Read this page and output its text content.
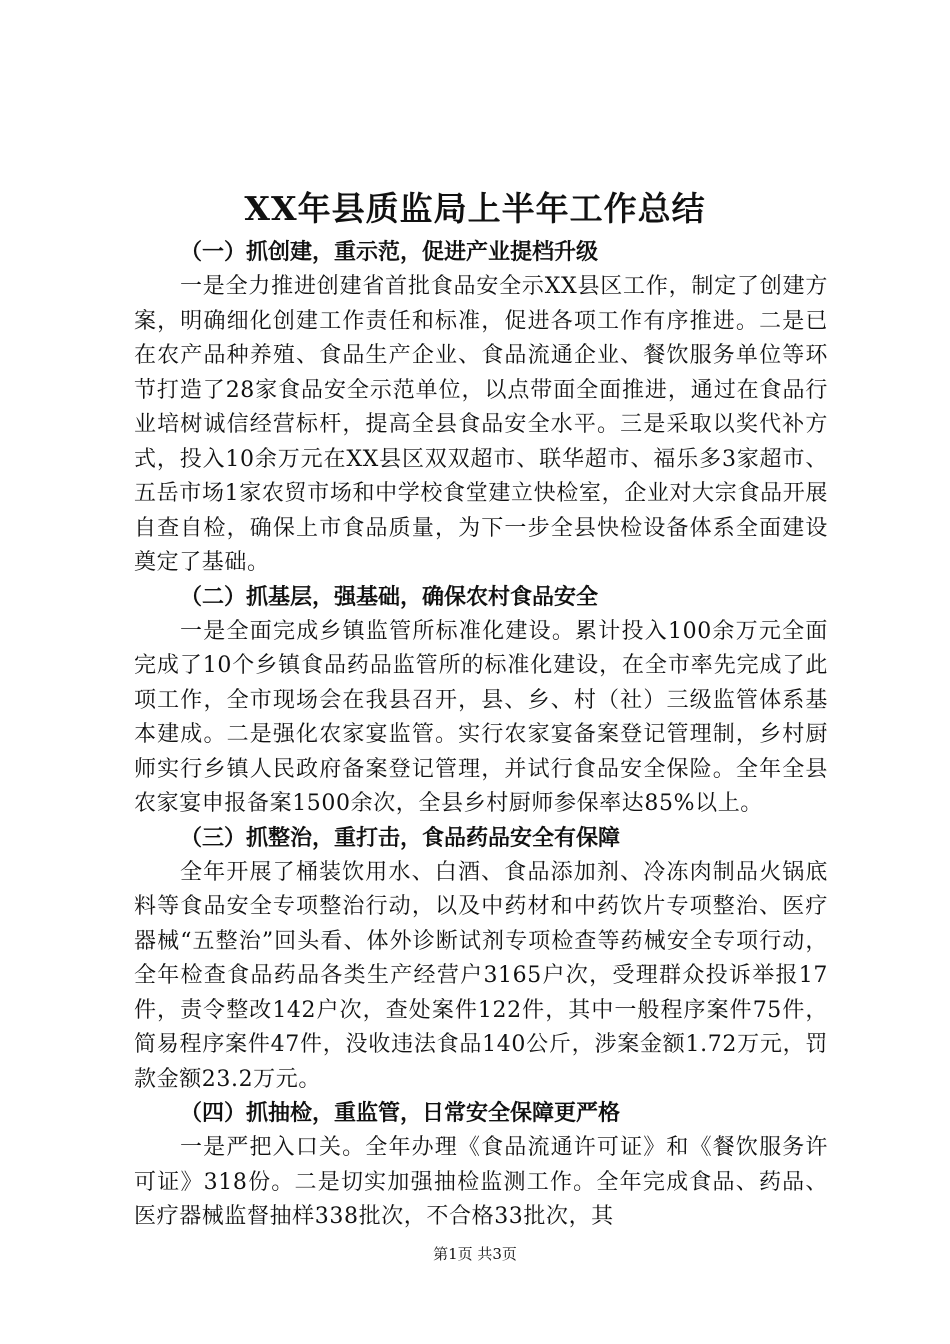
XX年县质监局上半年工作总结
（一）抓创建，重示范，促进产业提档升级

一是全力推进创建省首批食品安全示XX县区工作，制定了创建方案，明确细化创建工作责任和标准，促进各项工作有序推进。二是已在农产品种养殖、食品生产企业、食品流通企业、餐饮服务单位等环节打造了28家食品安全示范单位，以点带面全面推进，通过在食品行业培树诚信经营标杆，提高全县食品安全水平。三是采取以奖代补方式，投入10余万元在XX县区双双超市、联华超市、福乐多3家超市、五岳市场1家农贸市场和中学校食堂建立快检室，企业对大宗食品开展自查自检，确保上市食品质量，为下一步全县快检设备体系全面建设奠定了基础。

（二）抓基层，强基础，确保农村食品安全

一是全面完成乡镇监管所标准化建设。累计投入100余万元全面完成了10个乡镇食品药品监管所的标准化建设，在全市率先完成了此项工作，全市现场会在我县召开，县、乡、村（社）三级监管体系基本建成。二是强化农家宴监管。实行农家宴备案登记管理制，乡村厨师实行乡镇人民政府备案登记管理，并试行食品安全保险。全年全县农家宴申报备案1500余次，全县乡村厨师参保率达85%以上。

（三）抓整治，重打击，食品药品安全有保障

全年开展了桶装饮用水、白酒、食品添加剂、冷冻肉制品火锅底料等食品安全专项整治行动，以及中药材和中药饮片专项整治、医疗器械“五整治”回头看、体外诊断试剂专项检查等药械安全专项行动，全年检查食品药品各类生产经营户3165户次，受理群众投诉举报17件，责令整改142户次，查处案件122件，其中一般程序案件75件，简易程序案件47件，没收违法食品140公斤，涉案金额1.72万元，罚款金额23.2万元。

（四）抓抽检，重监管，日常安全保障更严格

一是严把入口关。全年办理《食品流通许可证》和《餐饮服务许可证》318份。二是切实加强抽检监测工作。全年完成食品、药品、医疗器械监督抽样338批次，不合格33批次，其

第1页 共3页
